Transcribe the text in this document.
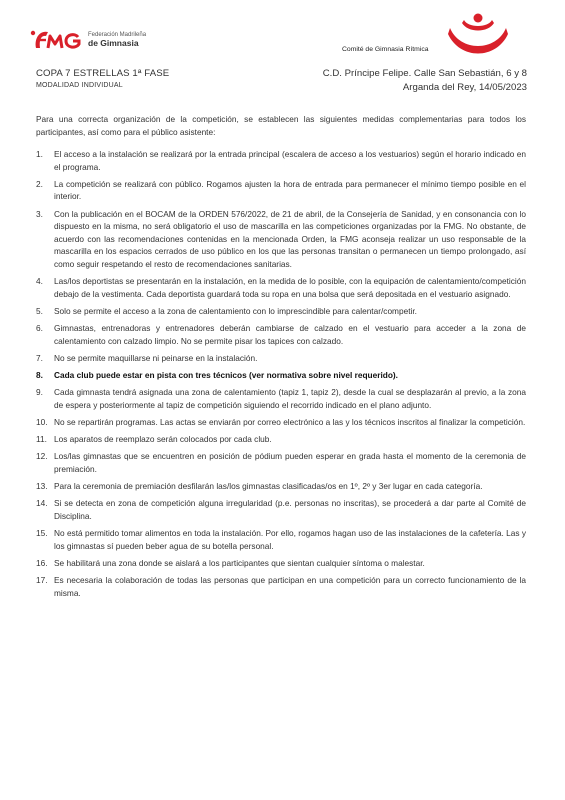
Federación Madrileña
de Gimnasia
Comité de Gimnasia Rítmica
COPA 7 ESTRELLAS 1ª FASE
MODALIDAD INDIVIDUAL
C.D. Príncipe Felipe. Calle San Sebastián, 6 y 8
Arganda del Rey, 14/05/2023

Para una correcta organización de la competición, se establecen las siguientes medidas complementarias para todos los participantes, así como para el público asistente:

1.	El acceso a la instalación se realizará por la entrada principal (escalera de acceso a los vestuarios) según el horario indicado en el programa.
2.	La competición se realizará con público. Rogamos ajusten la hora de entrada para permanecer el mínimo tiempo posible en el interior.
3.	Con la publicación en el BOCAM de la ORDEN 576/2022, de 21 de abril, de la Consejería de Sanidad, y en consonancia con lo dispuesto en la misma, no será obligatorio el uso de mascarilla en las competiciones organizadas por la FMG. No obstante, de acuerdo con las recomendaciones contenidas en la mencionada Orden, la FMG aconseja realizar un uso responsable de la mascarilla en los espacios cerrados de uso público en los que las personas transitan o permanecen un tiempo prolongado, así como seguir respetando el resto de recomendaciones sanitarias.
4.	Las/los deportistas se presentarán en la instalación, en la medida de lo posible, con la equipación de calentamiento/competición debajo de la vestimenta. Cada deportista guardará toda su ropa en una bolsa que será depositada en el vestuario asignado.
5.	Solo se permite el acceso a la zona de calentamiento con lo imprescindible para calentar/competir.
6.	Gimnastas, entrenadoras y entrenadores deberán cambiarse de calzado en el vestuario para acceder a la zona de calentamiento con calzado limpio. No se permite pisar los tapices con calzado.
7.	No se permite maquillarse ni peinarse en la instalación.
8.	Cada club puede estar en pista con tres técnicos (ver normativa sobre nivel requerido).
9.	Cada gimnasta tendrá asignada una zona de calentamiento (tapiz 1, tapiz 2), desde la cual se desplazarán al previo, a la zona de espera y posteriormente al tapiz de competición siguiendo el recorrido indicado en el plano adjunto.
10. No se repartirán programas. Las actas se enviarán por correo electrónico a las y los técnicos inscritos al finalizar la competición.
11. Los aparatos de reemplazo serán colocados por cada club.
12. Los/las gimnastas que se encuentren en posición de pódium pueden esperar en grada hasta el momento de la ceremonia de premiación.
13. Para la ceremonia de premiación desfilarán las/los gimnastas clasificadas/os en 1º, 2º y 3er lugar en cada categoría.
14. Si se detecta en zona de competición alguna irregularidad (p.e. personas no inscritas), se procederá a dar parte al Comité de Disciplina.
15. No está permitido tomar alimentos en toda la instalación. Por ello, rogamos hagan uso de las instalaciones de la cafetería. Las y los gimnastas sí pueden beber agua de su botella personal.
16. Se habilitará una zona donde se aislará a los participantes que sientan cualquier síntoma o malestar.
17. Es necesaria la colaboración de todas las personas que participan en una competición para un correcto funcionamiento de la misma.
